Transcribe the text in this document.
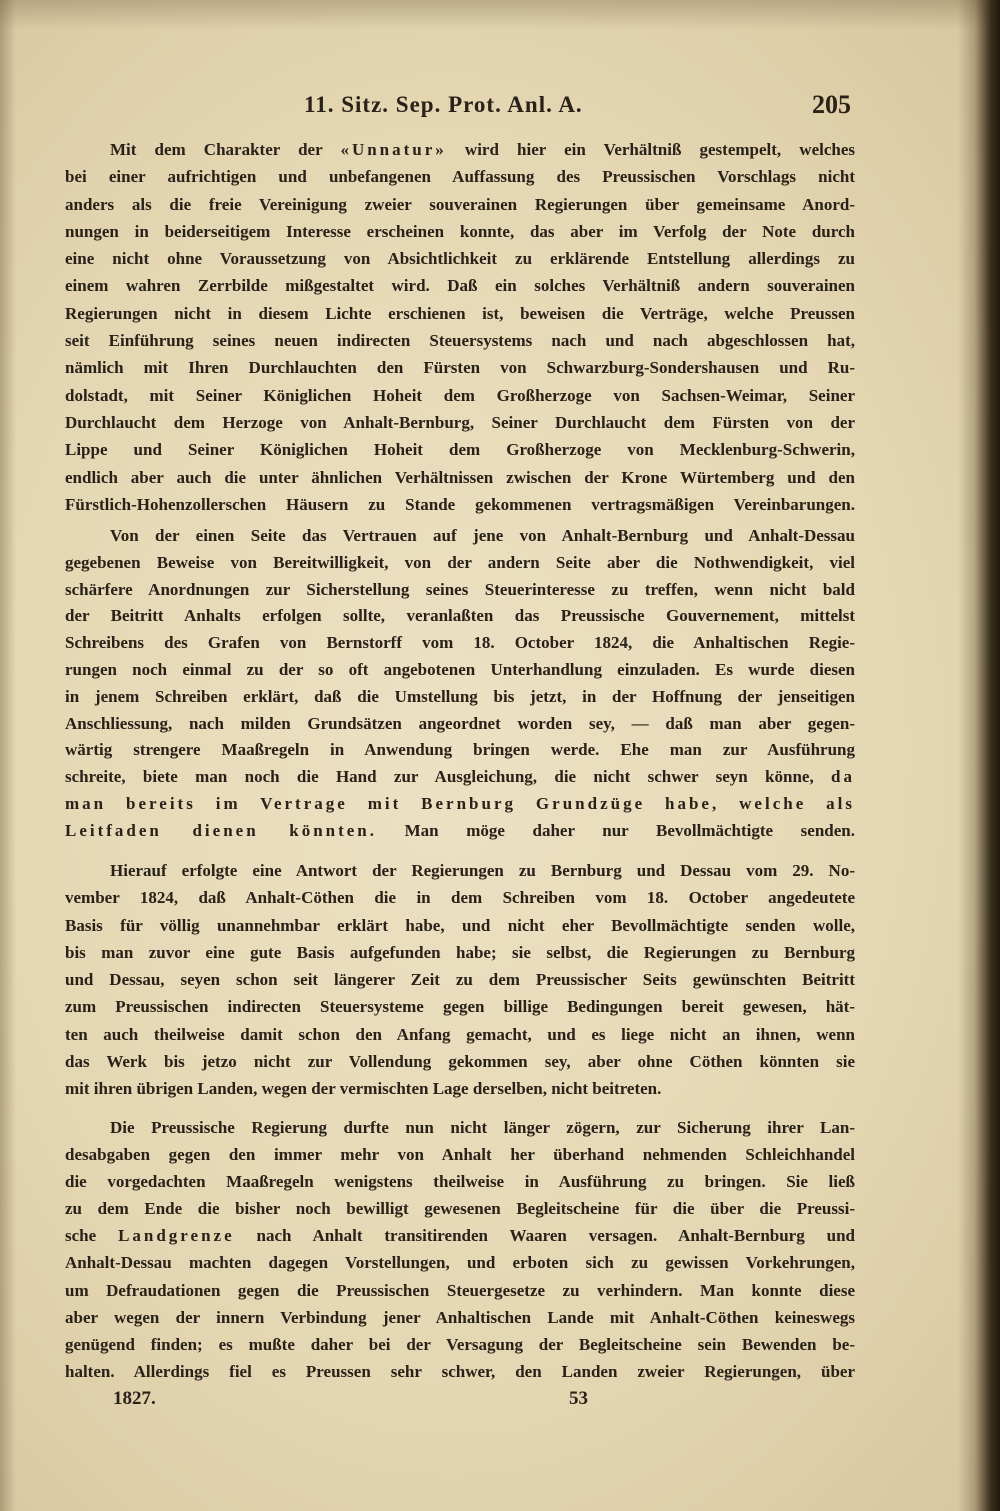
11. Sitz. Sep. Prot. Anl. A.	205
Mit dem Charakter der «Unnatur» wird hier ein Verhältniß gestempelt, welches
bei einer aufrichtigen und unbefangenen Auffassung des Preussischen Vorschlags nicht
anders als die freie Vereinigung zweier souverainen Regierungen über gemeinsame Anord-
nungen in beiderseitigem Interesse erscheinen konnte, das aber im Verfolg der Note durch
eine nicht ohne Voraussetzung von Absichtlichkeit zu erklärende Entstellung allerdings zu
einem wahren Zerrbilde mißgestaltet wird. Daß ein solches Verhältniß andern souverainen
Regierungen nicht in diesem Lichte erschienen ist, beweisen die Verträge, welche Preussen
seit Einführung seines neuen indirecten Steuersystems nach und nach abgeschlossen hat,
nämlich mit Ihren Durchlauchten den Fürsten von Schwarzburg-Sondershausen und Ru-
dolstadt, mit Seiner Königlichen Hoheit dem Großherzoge von Sachsen-Weimar, Seiner
Durchlaucht dem Herzoge von Anhalt-Bernburg, Seiner Durchlaucht dem Fürsten von der
Lippe und Seiner Königlichen Hoheit dem Großherzoge von Mecklenburg-Schwerin,
endlich aber auch die unter ähnlichen Verhältnissen zwischen der Krone Würtemberg und den
Fürstlich-Hohenzollerschen Häusern zu Stande gekommenen vertragsmäßigen Vereinbarungen.
Von der einen Seite das Vertrauen auf jene von Anhalt-Bernburg und Anhalt-Dessau
gegebenen Beweise von Bereitwilligkeit, von der andern Seite aber die Nothwendigkeit, viel
schärfere Anordnungen zur Sicherstellung seines Steuerinteresse zu treffen, wenn nicht bald
der Beitritt Anhalts erfolgen sollte, veranlaßten das Preussische Gouvernement, mittelst
Schreibens des Grafen von Bernstorff vom 18. October 1824, die Anhaltischen Regie-
rungen noch einmal zu der so oft angebotenen Unterhandlung einzuladen. Es wurde diesen
in jenem Schreiben erklärt, daß die Umstellung bis jetzt, in der Hoffnung der jenseitigen
Anschliessung, nach milden Grundsätzen angeordnet worden sey, — daß man aber gegen-
wärtig strengere Maaßregeln in Anwendung bringen werde. Ehe man zur Ausführung
schreite, biete man noch die Hand zur Ausgleichung, die nicht schwer seyn könne, da
man bereits im Vertrage mit Bernburg Grundzüge habe, welche als
Leitfaden dienen könnten. Man möge daher nur Bevollmächtigte senden.
Hierauf erfolgte eine Antwort der Regierungen zu Bernburg und Dessau vom 29. No-
vember 1824, daß Anhalt-Cöthen die in dem Schreiben vom 18. October angedeutete
Basis für völlig unannehmbar erklärt habe, und nicht eher Bevollmächtigte senden wolle,
bis man zuvor eine gute Basis aufgefunden habe; sie selbst, die Regierungen zu Bernburg
und Dessau, seyen schon seit längerer Zeit zu dem Preussischer Seits gewünschten Beitritt
zum Preussischen indirecten Steuersysteme gegen billige Bedingungen bereit gewesen, hät-
ten auch theilweise damit schon den Anfang gemacht, und es liege nicht an ihnen, wenn
das Werk bis jetzo nicht zur Vollendung gekommen sey, aber ohne Cöthen könnten sie
mit ihren übrigen Landen, wegen der vermischten Lage derselben, nicht beitreten.
Die Preussische Regierung durfte nun nicht länger zögern, zur Sicherung ihrer Lan-
desabgaben gegen den immer mehr von Anhalt her überhand nehmenden Schleichhandel
die vorgedachten Maaßregeln wenigstens theilweise in Ausführung zu bringen. Sie ließ
zu dem Ende die bisher noch bewilligt gewesenen Begleitscheine für die über die Preussi-
sche Landgrenze nach Anhalt transitirenden Waaren versagen. Anhalt-Bernburg und
Anhalt-Dessau machten dagegen Vorstellungen, und erboten sich zu gewissen Vorkehrungen,
um Defraudationen gegen die Preussischen Steuergesetze zu verhindern. Man konnte diese
aber wegen der innern Verbindung jener Anhaltischen Lande mit Anhalt-Cöthen keineswegs
genügend finden; es mußte daher bei der Versagung der Begleitscheine sein Bewenden be-
halten. Allerdings fiel es Preussen sehr schwer, den Landen zweier Regierungen, über
1827.	53
